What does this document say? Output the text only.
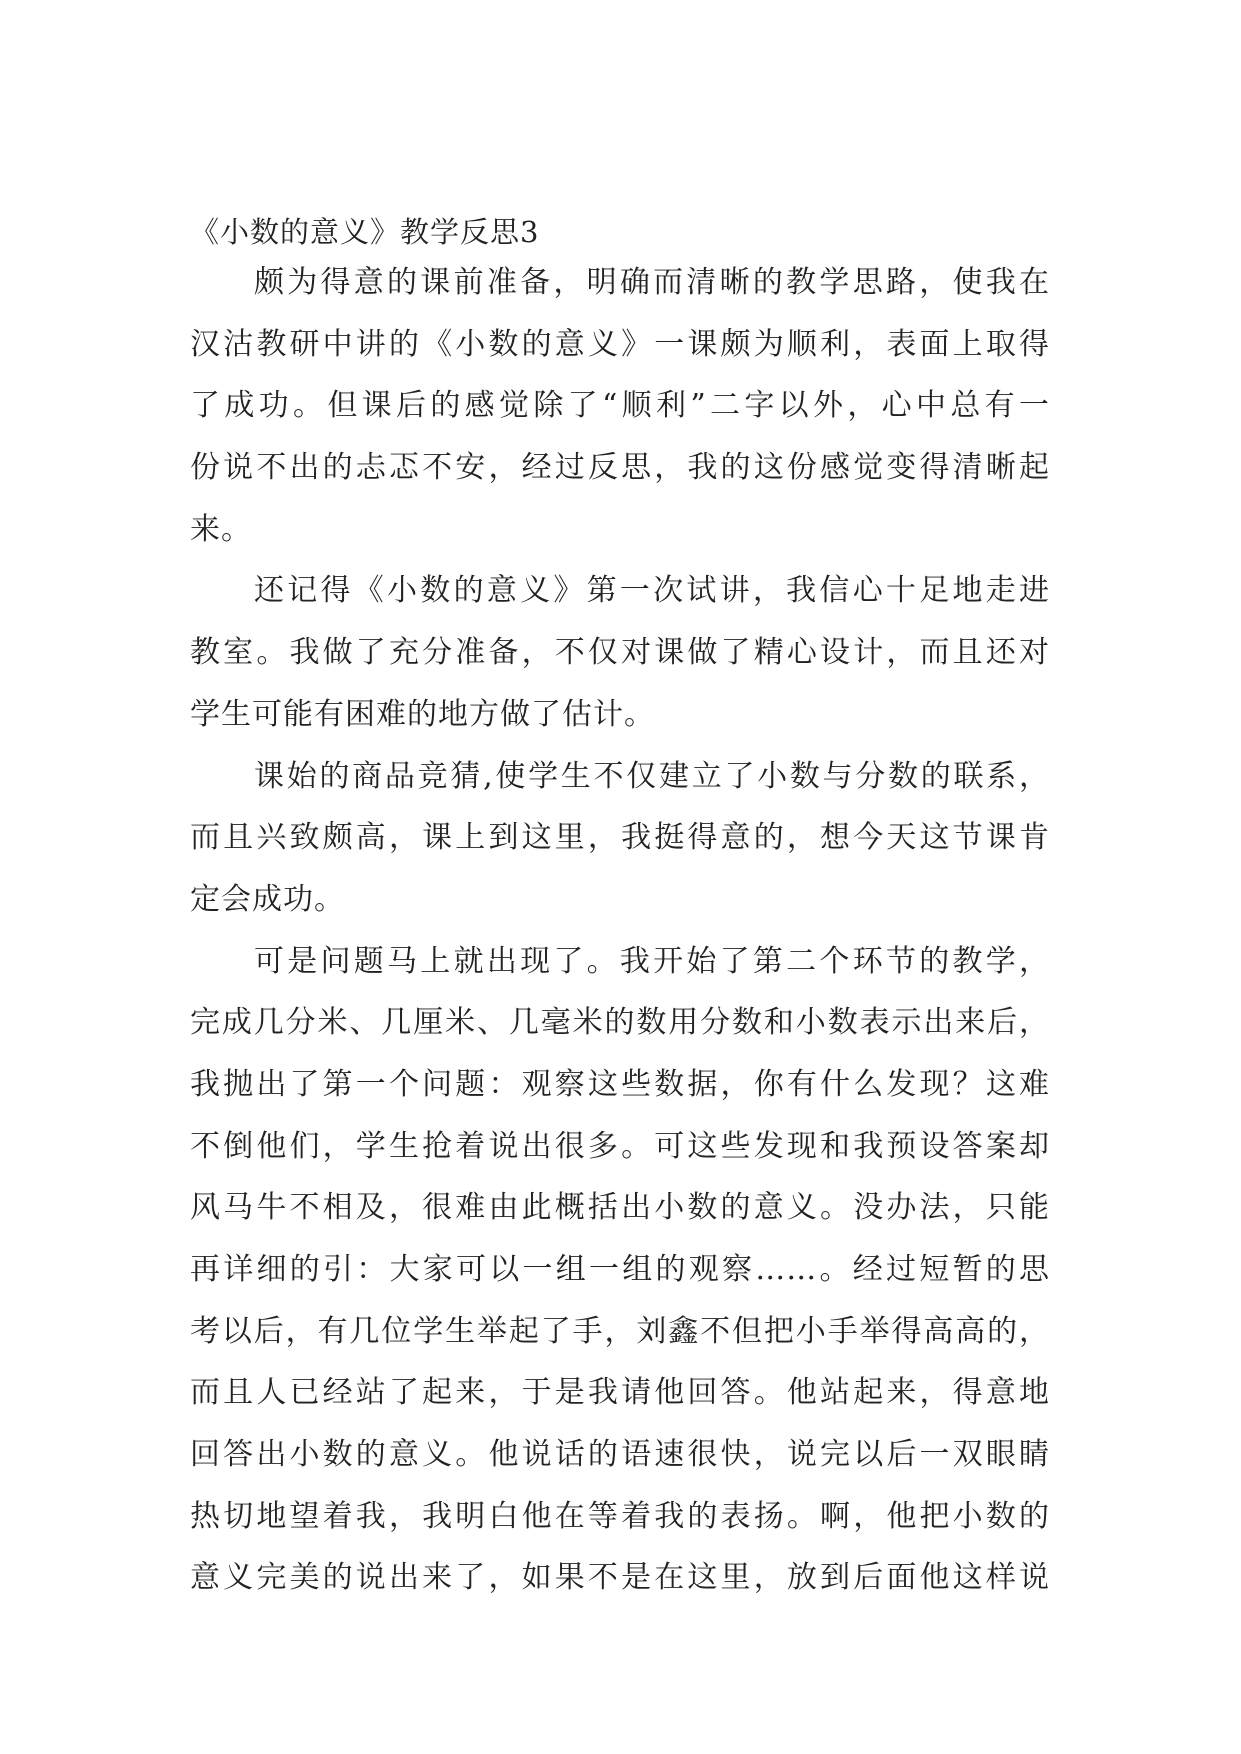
《小数的意义》教学反思3
颇为得意的课前准备，明确而清晰的教学思路，使我在
汉沽教研中讲的《小数的意义》一课颇为顺利，表面上取得
了成功。但课后的感觉除了“顺利”二字以外，心中总有一
份说不出的忐忑不安，经过反思，我的这份感觉变得清晰起
来。
还记得《小数的意义》第一次试讲，我信心十足地走进
教室。我做了充分准备，不仅对课做了精心设计，而且还对
学生可能有困难的地方做了估计。
课始的商品竞猜,使学生不仅建立了小数与分数的联系，
而且兴致颇高，课上到这里，我挺得意的，想今天这节课肯
定会成功。
可是问题马上就出现了。我开始了第二个环节的教学，
完成几分米、几厘米、几毫米的数用分数和小数表示出来后，
我抛出了第一个问题：观察这些数据，你有什么发现？这难
不倒他们，学生抢着说出很多。可这些发现和我预设答案却
风马牛不相及，很难由此概括出小数的意义。没办法，只能
再详细的引：大家可以一组一组的观察……。经过短暂的思
考以后，有几位学生举起了手，刘鑫不但把小手举得高高的，
而且人已经站了起来，于是我请他回答。他站起来，得意地
回答出小数的意义。他说话的语速很快，说完以后一双眼睛
热切地望着我，我明白他在等着我的表扬。啊，他把小数的
意义完美的说出来了，如果不是在这里，放到后面他这样说
